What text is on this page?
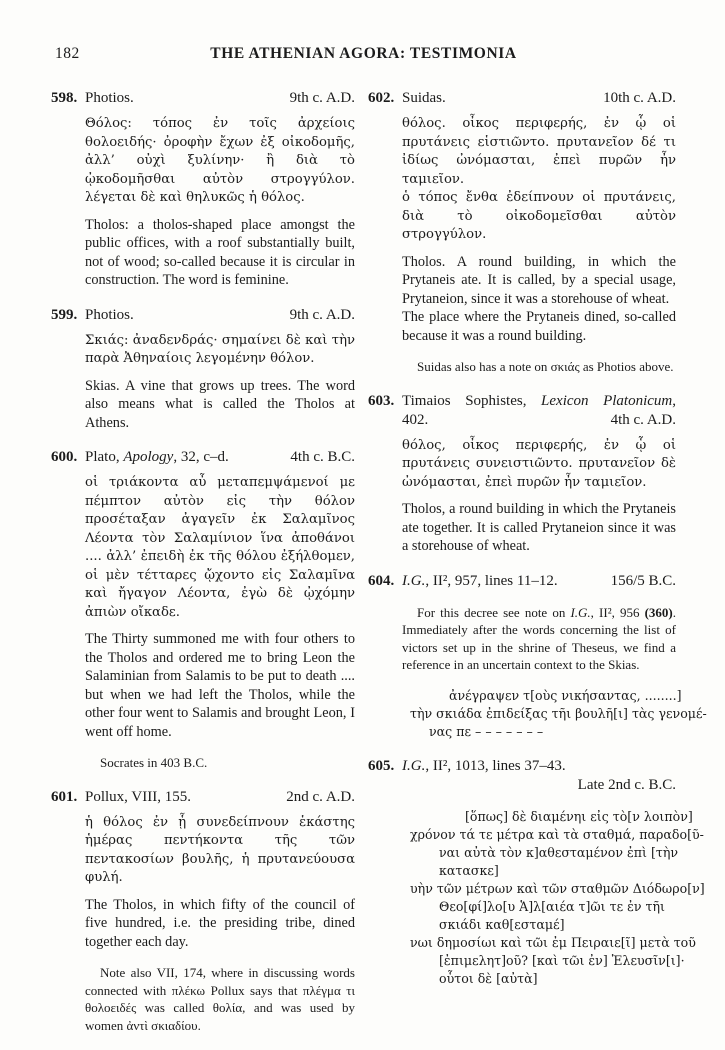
182	THE ATHENIAN AGORA: TESTIMONIA
598. Photios.	9th c. A.D.

Θόλος: τόπος ἐν τοῖς ἀρχείοις θολοειδής· ὀροφὴν ἔχων ἐξ οἰκοδομῆς, ἀλλ’ οὐχὶ ξυλίνην· ἢ διὰ τὸ ᾠκοδομῆσθαι αὐτὸν στρογγύλον. λέγεται δὲ καὶ θηλυκῶς ἡ θόλος.

Tholos: a tholos-shaped place amongst the public offices, with a roof substantially built, not of wood; so-called because it is circular in construction. The word is feminine.

599. Photios.	9th c. A.D.

Σκιάς: ἀναδενδράς· σημαίνει δὲ καὶ τὴν παρὰ Ἀθηναίοις λεγομένην θόλον.

Skias. A vine that grows up trees. The word also means what is called the Tholos at Athens.

600. Plato, Apology, 32, c–d.	4th c. B.C.

οἱ τριάκοντα αὖ μεταπεμψάμενοί με πέμπτον αὐτὸν εἰς τὴν θόλον προσέταξαν ἀγαγεῖν ἐκ Σαλαμῖνος Λέοντα τὸν Σαλαμίνιον ἵνα ἀποθάνοι .... ἀλλ’ ἐπειδὴ ἐκ τῆς θόλου ἐξήλθομεν, οἱ μὲν τέτταρες ᾤχοντο εἰς Σαλαμῖνα καὶ ἤγαγον Λέοντα, ἐγὼ δὲ ᾠχόμην ἀπιὼν οἴκαδε.

The Thirty summoned me with four others to the Tholos and ordered me to bring Leon the Salaminian from Salamis to be put to death .... but when we had left the Tholos, while the other four went to Salamis and brought Leon, I went off home.

Socrates in 403 B.C.

601. Pollux, VIII, 155.	2nd c. A.D.

ἡ θόλος ἐν ᾗ συνεδείπνουν ἑκάστης ἡμέρας πεντήκοντα τῆς τῶν πεντακοσίων βουλῆς, ἡ πρυτανεύουσα φυλή.

The Tholos, in which fifty of the council of five hundred, i.e. the presiding tribe, dined together each day.

Note also VII, 174, where in discussing words connected with πλέκω Pollux says that πλέγμα τι θολοειδές was called θολία, and was used by women ἀντὶ σκιαδίου.

602. Suidas.	10th c. A.D.

θόλος. οἶκος περιφερής, ἐν ᾧ οἱ πρυτάνεις εἱστιῶντο. πρυτανεῖον δέ τι ἰδίως ὠνόμασται, ἐπεὶ πυρῶν ἦν ταμιεῖον.

ὁ τόπος ἔνθα ἐδείπνουν οἱ πρυτάνεις, διὰ τὸ οἰκοδομεῖσθαι αὐτὸν στρογγύλον.

Tholos. A round building, in which the Prytaneis ate. It is called, by a special usage, Prytaneion, since it was a storehouse of wheat.

The place where the Prytaneis dined, so-called because it was a round building.

Suidas also has a note on σκιάς as Photios above.

603. Timaios Sophistes, Lexicon Platonicum,
402.	4th c. A.D.

θόλος, οἶκος περιφερής, ἐν ᾧ οἱ πρυτάνεις συνειστιῶντο. πρυτανεῖον δὲ ὠνόμασται, ἐπεὶ πυρῶν ἦν ταμιεῖον.

Tholos, a round building in which the Prytaneis ate together. It is called Prytaneion since it was a storehouse of wheat.

604. I.G., II², 957, lines 11–12.	156/5 B.C.

For this decree see note on I.G., II², 956 (360). Immediately after the words concerning the list of victors set up in the shrine of Theseus, we find a reference in an uncertain context to the Skias.

ἀνέγραψεν τ[οὺς νικήσαντας, ........]
τὴν σκιάδα ἐπιδείξας τῆι βουλῆ[ι] τὰς γενομέ-
νας πε – – – – – – –
605. I.G., II², 1013, lines 37–43.
Late 2nd c. B.C.
[ὅπως] δὲ διαμένηι εἰς τὸ[ν λοιπὸν]
χρόνον τά τε μέτρα καὶ τὰ σταθμά, παραδο[ῦ-
ναι αὐτὰ τὸν κ]αθεσταμένον ἐπὶ [τὴν
κατασκε]
υὴν τῶν μέτρων καὶ τῶν σταθμῶν Διόδωρο[ν]
Θεο[φί]λο[υ Ἁ]λ[αιέα τ]ῶι τε ἐν τῆι
σκιάδι καθ[εσταμέ]
νωι δημοσίωι καὶ τῶι ἐμ Πειραιε[ῖ] μετὰ τοῦ
[ἐπιμελητ]οῦ? [καὶ τῶι ἐν] Ἐλευσῖν[ι]·
οὗτοι δὲ [αὐτὰ]
